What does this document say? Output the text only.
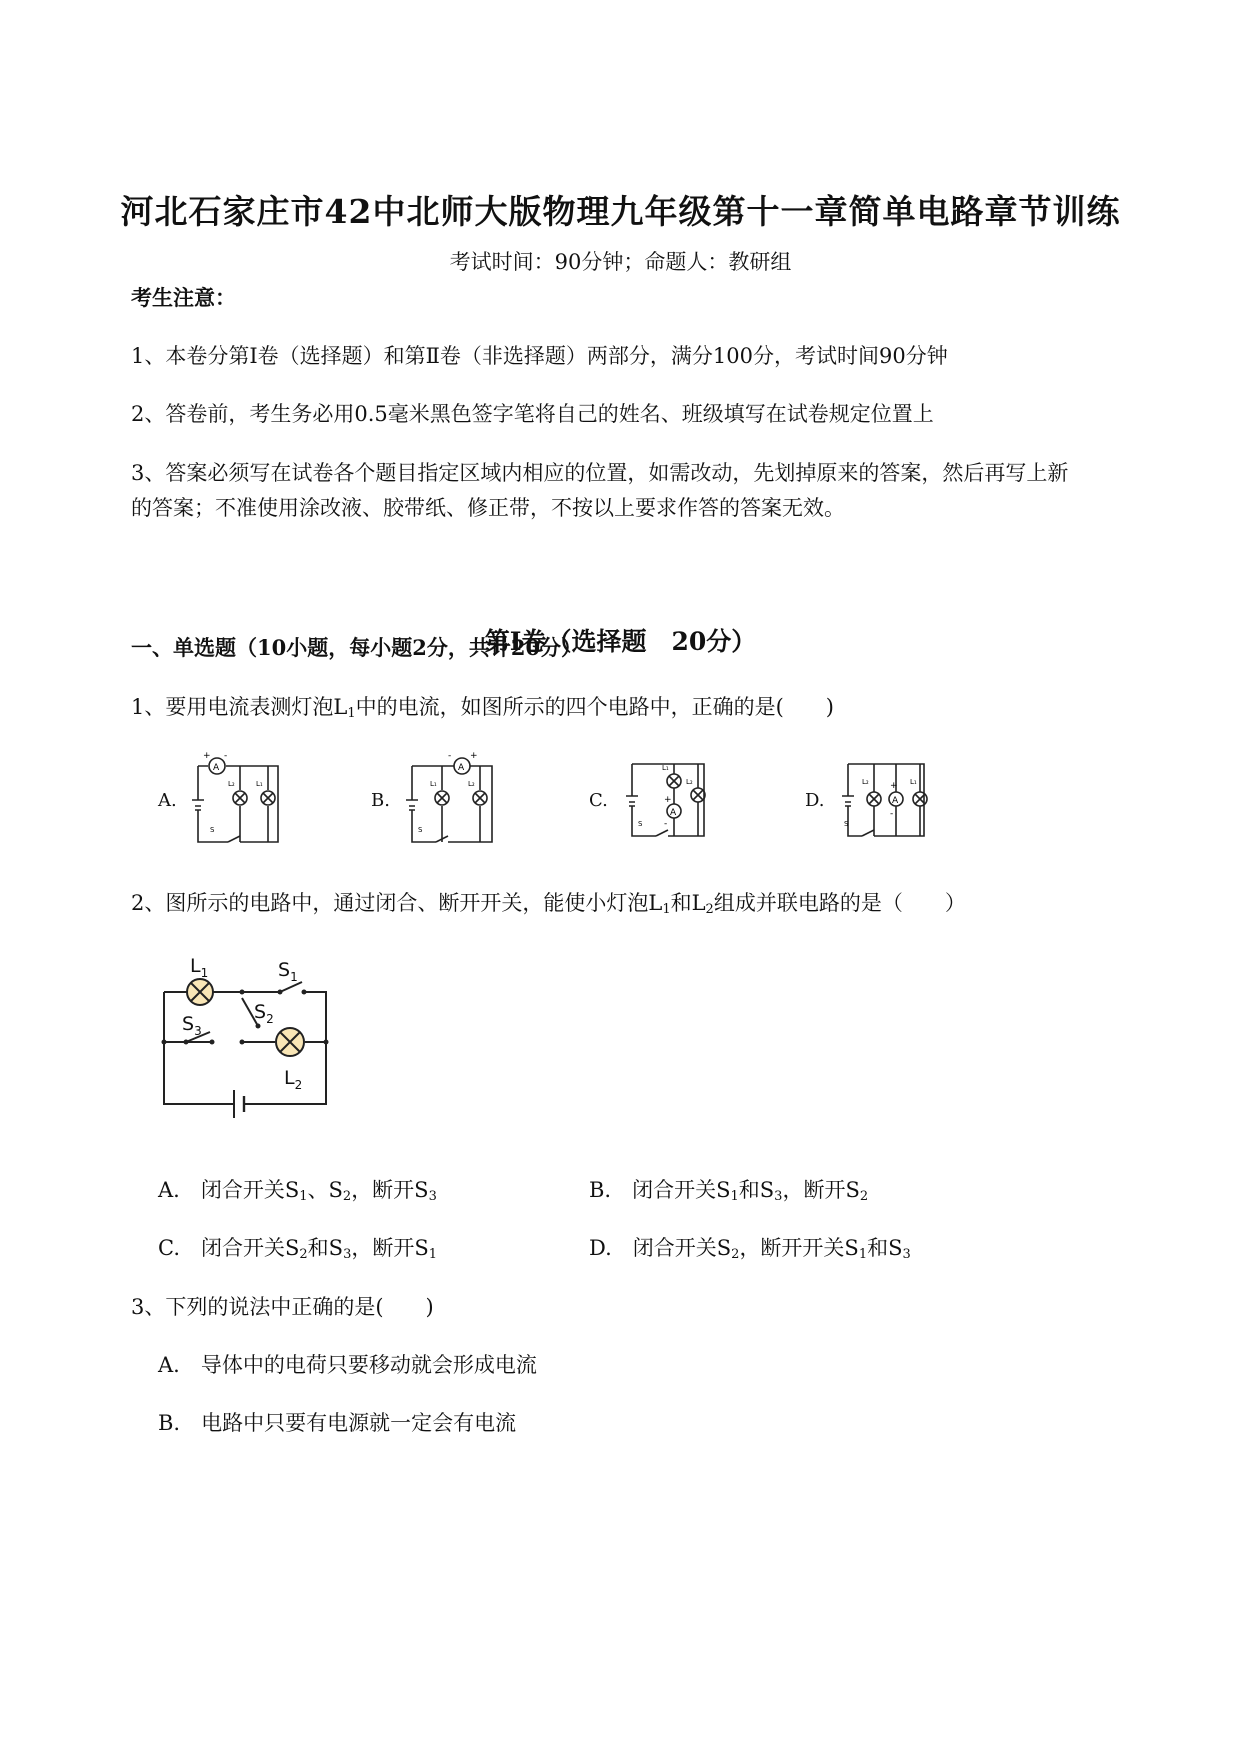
河北石家庄市42中北师大版物理九年级第十一章简单电路章节训练
考试时间：90分钟；命题人：教研组
考生注意：
1、本卷分第I卷（选择题）和第Ⅱ卷（非选择题）两部分，满分100分，考试时间90分钟
2、答卷前，考生务必用0.5毫米黑色签字笔将自己的姓名、班级填写在试卷规定位置上
3、答案必须写在试卷各个题目指定区域内相应的位置，如需改动，先划掉原来的答案，然后再写上新
的答案；不准使用涂改液、胶带纸、修正带，不按以上要求作答的答案无效。
第I卷（选择题　20分）
一、单选题（10小题，每小题2分，共计20分）
1、要用电流表测灯泡$L_1$中的电流，如图所示的四个电路中，正确的是(　　)
A.	B.	C.	D.
A
+ -
L₂	L₁
S
A
- +
L₁	L₂
S
A
+
-
L₁
L₂
S
A
+
-
L₂	L₁
S
2、图所示的电路中，通过闭合、断开开关，能使小灯泡$L_1$和$L_2$组成并联电路的是（　　）
$L_1$	$S_1$
$S_2$
$S_3$
$L_2$
A.　闭合开关$S_1$、$S_2$，断开$S_3$	B.　闭合开关$S_1$和$S_3$，断开$S_2$
C.　闭合开关$S_2$和$S_3$，断开$S_1$	D.　闭合开关$S_2$，断开开关$S_1$和$S_3$
3、下列的说法中正确的是(　　)
A.　导体中的电荷只要移动就会形成电流
B.　电路中只要有电源就一定会有电流
